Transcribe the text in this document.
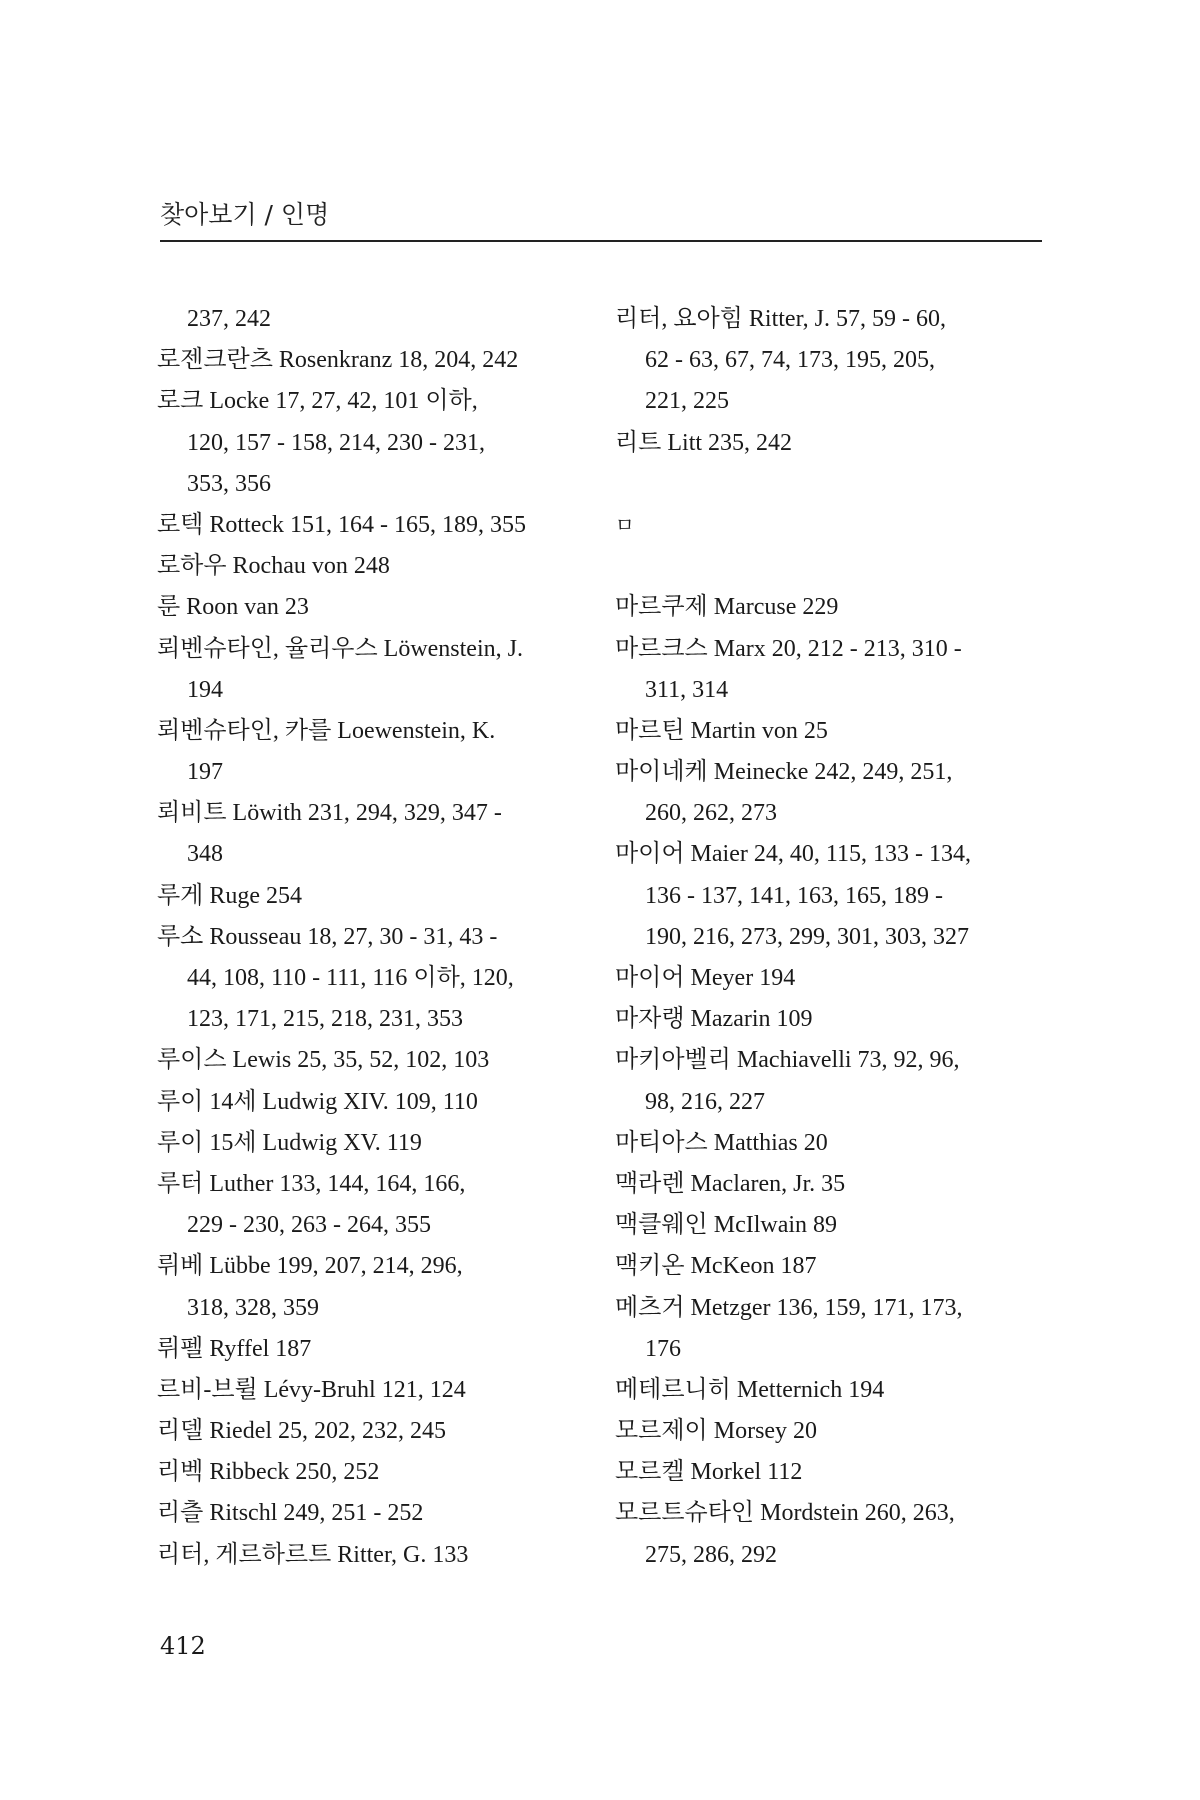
찾아보기 / 인명
237, 242
로젠크란츠 Rosenkranz 18, 204, 242
로크 Locke 17, 27, 42, 101 이하,
120, 157 - 158, 214, 230 - 231,
353, 356
로텍 Rotteck 151, 164 - 165, 189, 355
로하우 Rochau von 248
룬 Roon van 23
뢰벤슈타인, 율리우스 Löwenstein, J.
194
뢰벤슈타인, 카를 Loewenstein, K.
197
뢰비트 Löwith 231, 294, 329, 347 -
348
루게 Ruge 254
루소 Rousseau 18, 27, 30 - 31, 43 -
44, 108, 110 - 111, 116 이하, 120,
123, 171, 215, 218, 231, 353
루이스 Lewis 25, 35, 52, 102, 103
루이 14세 Ludwig XIV. 109, 110
루이 15세 Ludwig XV. 119
루터 Luther 133, 144, 164, 166,
229 - 230, 263 - 264, 355
뤼베 Lübbe 199, 207, 214, 296,
318, 328, 359
뤼펠 Ryffel 187
르비-브륄 Lévy-Bruhl 121, 124
리델 Riedel 25, 202, 232, 245
리벡 Ribbeck 250, 252
리츨 Ritschl 249, 251 - 252
리터, 게르하르트 Ritter, G. 133
리터, 요아힘 Ritter, J. 57, 59 - 60,
62 - 63, 67, 74, 173, 195, 205,
221, 225
리트 Litt 235, 242
ㅁ
마르쿠제 Marcuse 229
마르크스 Marx 20, 212 - 213, 310 -
311, 314
마르틴 Martin von 25
마이네케 Meinecke 242, 249, 251,
260, 262, 273
마이어 Maier 24, 40, 115, 133 - 134,
136 - 137, 141, 163, 165, 189 -
190, 216, 273, 299, 301, 303, 327
마이어 Meyer 194
마자랭 Mazarin 109
마키아벨리 Machiavelli 73, 92, 96,
98, 216, 227
마티아스 Matthias 20
맥라렌 Maclaren, Jr. 35
맥클웨인 McIlwain 89
맥키온 McKeon 187
메츠거 Metzger 136, 159, 171, 173,
176
메테르니히 Metternich 194
모르제이 Morsey 20
모르켈 Morkel 112
모르트슈타인 Mordstein 260, 263,
275, 286, 292
412
